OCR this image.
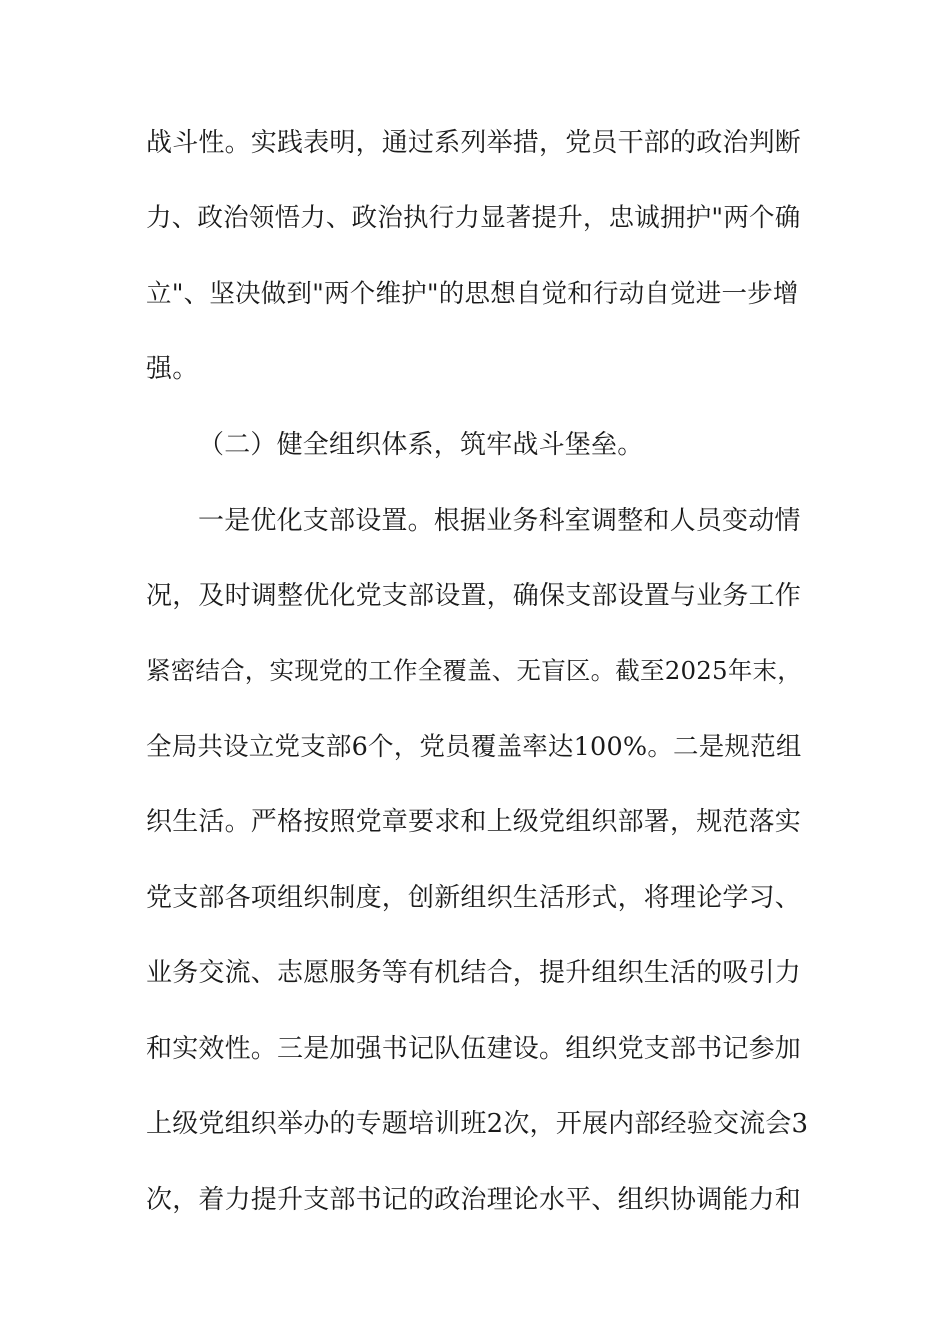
战斗性。实践表明，通过系列举措，党员干部的政治判断
力、政治领悟力、政治执行力显著提升，忠诚拥护"两个确
立"、坚决做到"两个维护"的思想自觉和行动自觉进一步增
强。
（二）健全组织体系，筑牢战斗堡垒。
一是优化支部设置。根据业务科室调整和人员变动情
况，及时调整优化党支部设置，确保支部设置与业务工作
紧密结合，实现党的工作全覆盖、无盲区。截至2025年末，
全局共设立党支部6个，党员覆盖率达100%。二是规范组
织生活。严格按照党章要求和上级党组织部署，规范落实
党支部各项组织制度，创新组织生活形式，将理论学习、
业务交流、志愿服务等有机结合，提升组织生活的吸引力
和实效性。三是加强书记队伍建设。组织党支部书记参加
上级党组织举办的专题培训班2次，开展内部经验交流会3
次，着力提升支部书记的政治理论水平、组织协调能力和
